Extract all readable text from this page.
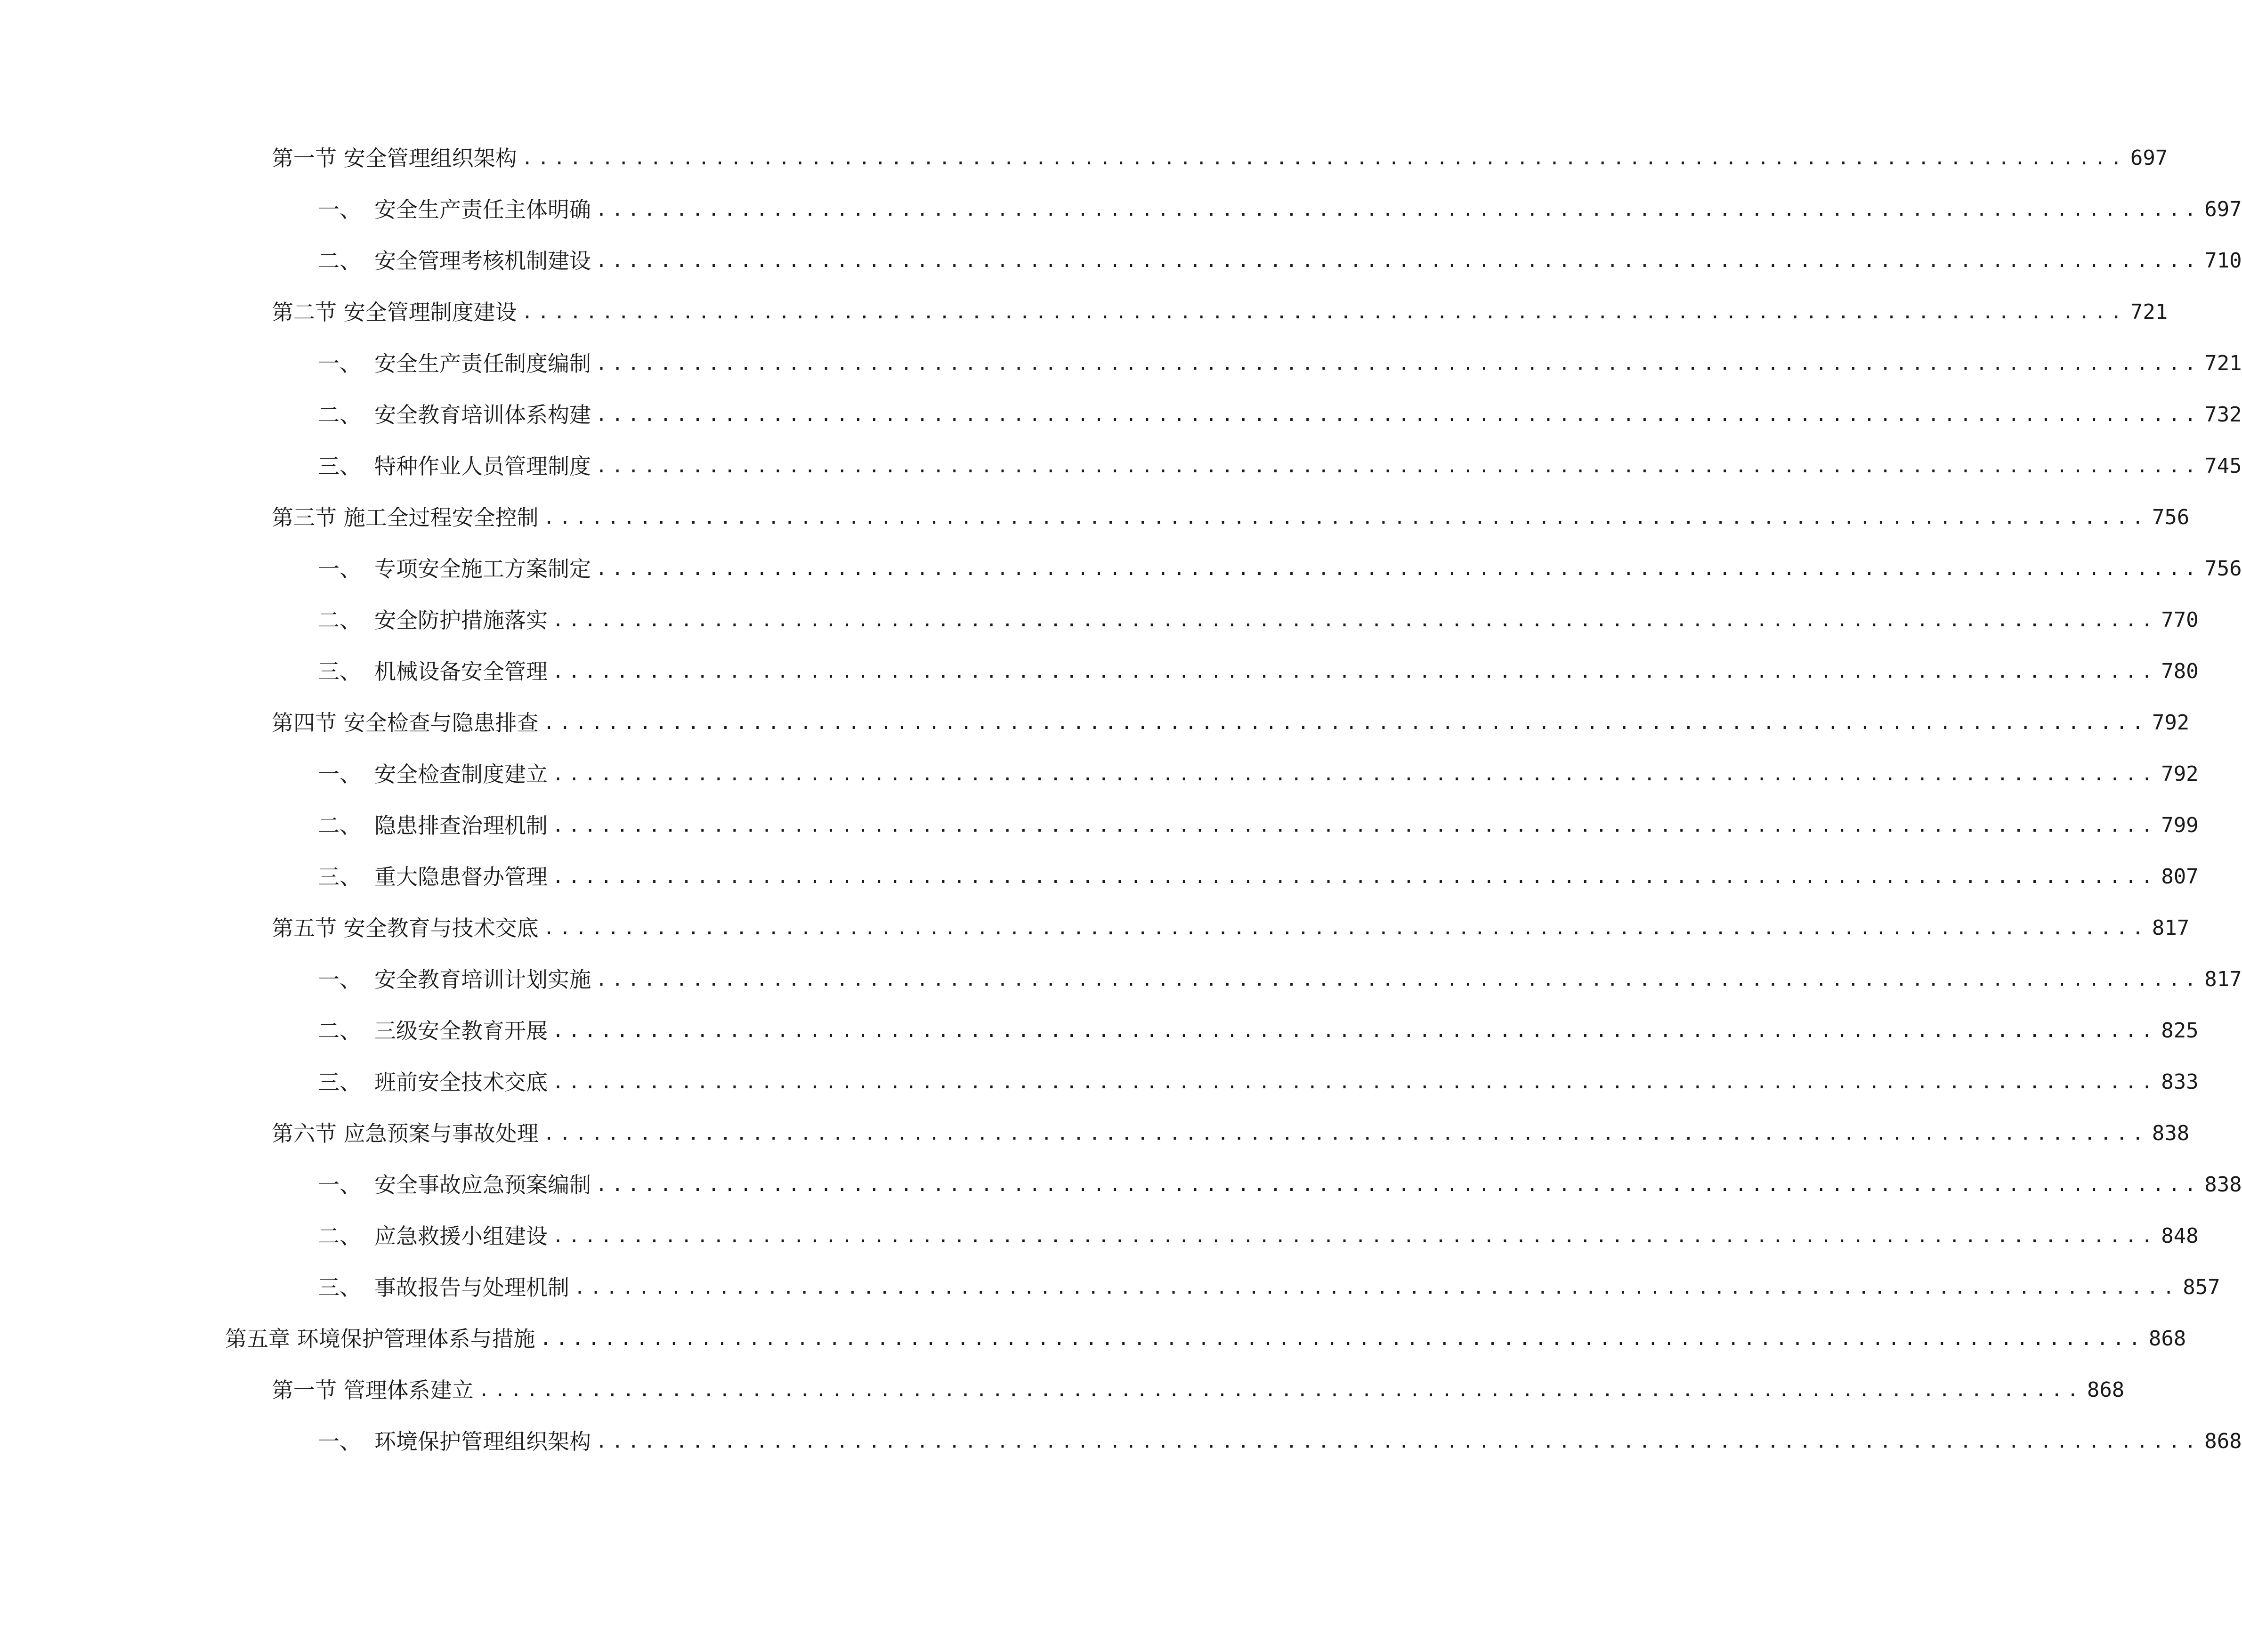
第一节 安全管理组织架构 .................................................................................................... 697
一、 安全生产责任主体明确 .................................................................................................... 697
二、 安全管理考核机制建设 .................................................................................................... 710
第二节 安全管理制度建设 .................................................................................................... 721
一、 安全生产责任制度编制 .................................................................................................... 721
二、 安全教育培训体系构建 .................................................................................................... 732
三、 特种作业人员管理制度 .................................................................................................... 745
第三节 施工全过程安全控制 .................................................................................................... 756
一、 专项安全施工方案制定 .................................................................................................... 756
二、 安全防护措施落实 .................................................................................................... 770
三、 机械设备安全管理 .................................................................................................... 780
第四节 安全检查与隐患排查 .................................................................................................... 792
一、 安全检查制度建立 .................................................................................................... 792
二、 隐患排查治理机制 .................................................................................................... 799
三、 重大隐患督办管理 .................................................................................................... 807
第五节 安全教育与技术交底 .................................................................................................... 817
一、 安全教育培训计划实施 .................................................................................................... 817
二、 三级安全教育开展 .................................................................................................... 825
三、 班前安全技术交底 .................................................................................................... 833
第六节 应急预案与事故处理 .................................................................................................... 838
一、 安全事故应急预案编制 .................................................................................................... 838
二、 应急救援小组建设 .................................................................................................... 848
三、 事故报告与处理机制 .................................................................................................... 857
第五章 环境保护管理体系与措施 .................................................................................................... 868
第一节 管理体系建立 .................................................................................................... 868
一、 环境保护管理组织架构 .................................................................................................... 868
